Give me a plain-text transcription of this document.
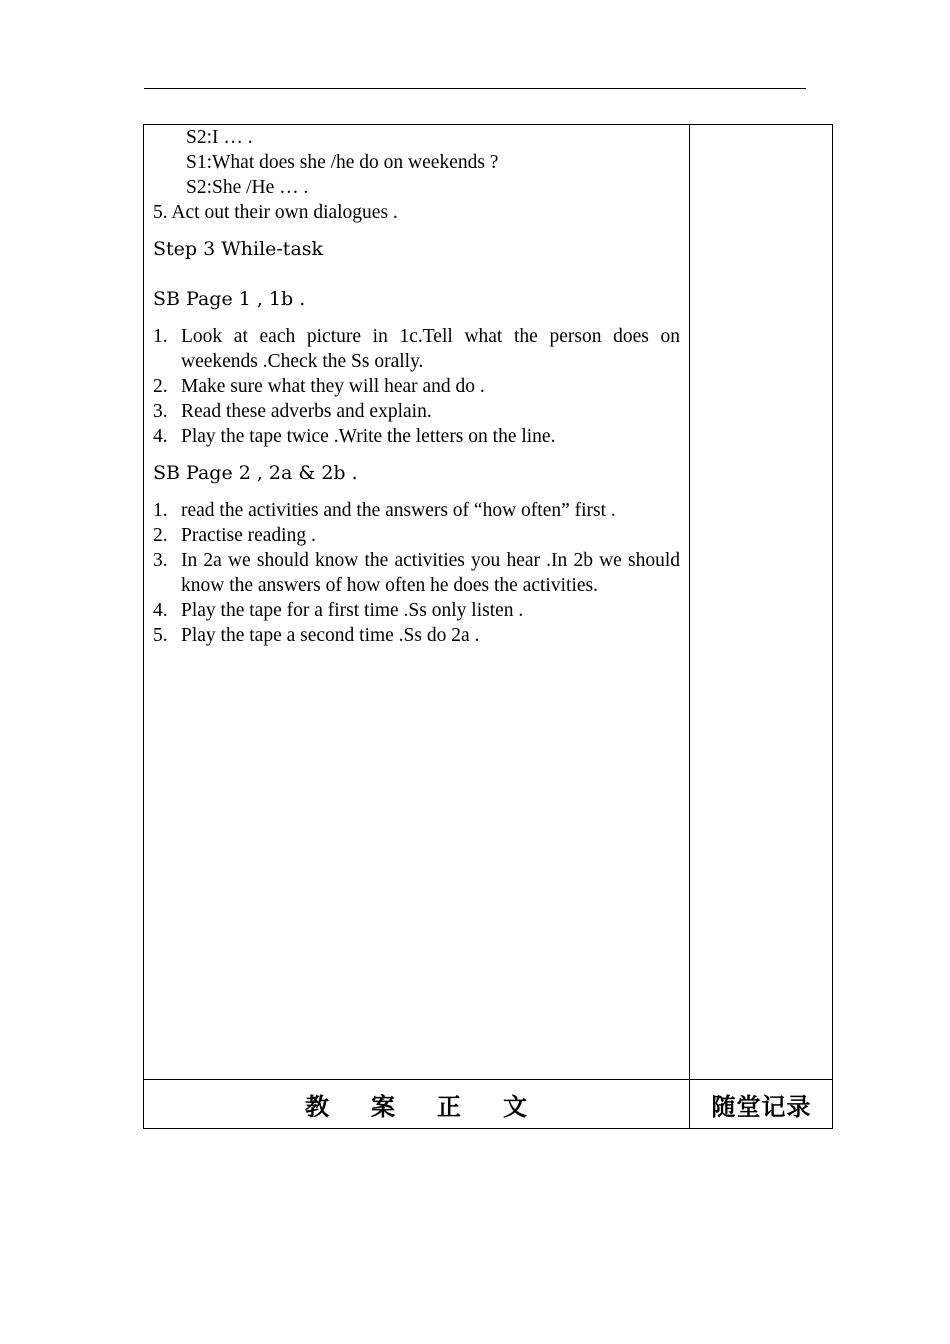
S2:I … .
S1:What does she /he do on weekends ?
S2:She /He … .
5. Act out their own dialogues .
Step 3 While-task
SB Page 1 , 1b .
1. Look at each picture in 1c.Tell what the person does on weekends .Check the Ss orally.
2. Make sure what they will hear and do .
3. Read these adverbs and explain.
4. Play the tape twice .Write the letters on the line.
SB Page 2 , 2a & 2b .
1. read the activities and the answers of “how often” first .
2. Practise reading .
3. In 2a we should know the activities you hear .In 2b we should know the answers of how often he does the activities.
4. Play the tape for a first time .Ss only listen .
5. Play the tape a second time .Ss do 2a .
教 案 正 文	随堂记录
